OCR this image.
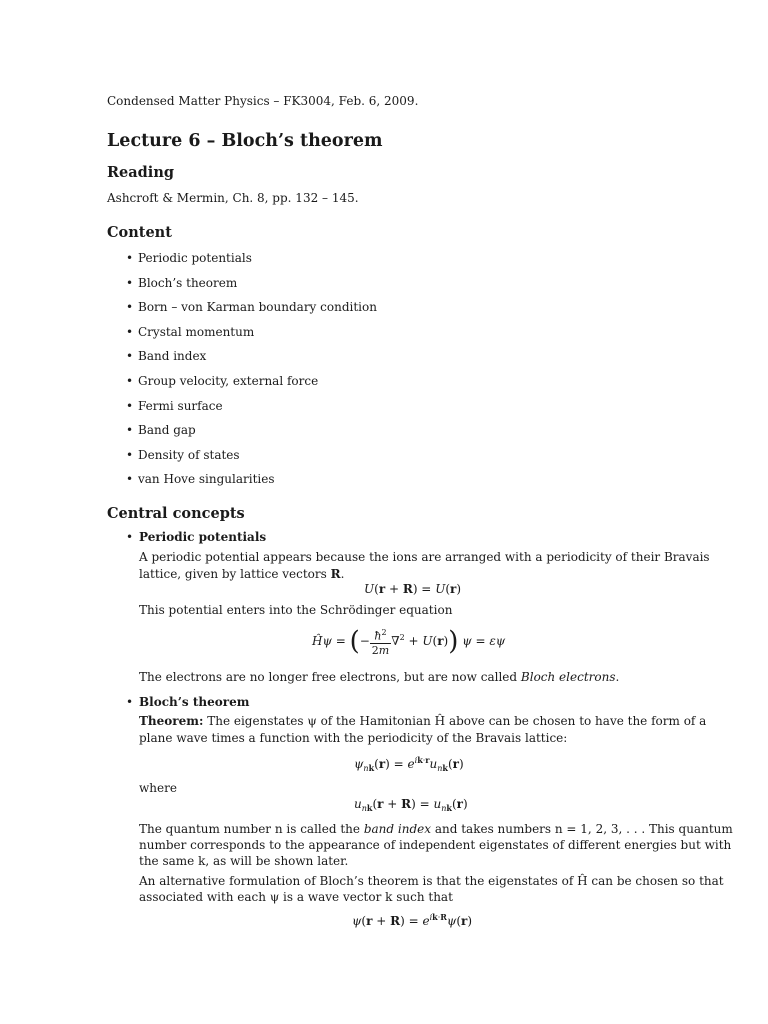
Condensed Matter Physics – FK3004, Feb. 6, 2009.
Lecture 6 – Bloch’s theorem
Reading
Ashcroft & Mermin, Ch. 8, pp. 132 – 145.
Content
• Periodic potentials
• Bloch’s theorem
• Born – von Karman boundary condition
• Crystal momentum
• Band index
• Group velocity, external force
• Fermi surface
• Band gap
• Density of states
• van Hove singularities
Central concepts
• Periodic potentials
A periodic potential appears because the ions are arranged with a periodicity of their Bravais
lattice, given by lattice vectors R.
U(r + R) = U(r)
This potential enters into the Schrödinger equation
Ĥψ = (− $\frac{ħ^2}{2m} \nabla^2 + U(r)$) ψ = εψ
The electrons are no longer free electrons, but are now called Bloch electrons.
• Bloch’s theorem
Theorem: The eigenstates ψ of the Hamitonian Ĥ above can be chosen to have the form of a
plane wave times a function with the periodicity of the Bravais lattice:
$\psi_{nk}(r) = e^{ik\cdot r}u_{nk}(r)$
where
$u_{nk}(r + R) = u_{nk}(r)$
The quantum number n is called the band index and takes numbers n = 1, 2, 3, . . . This quantum
number corresponds to the appearance of independent eigenstates of different energies but with
the same k, as will be shown later.
An alternative formulation of Bloch’s theorem is that the eigenstates of Ĥ can be chosen so that
associated with each ψ is a wave vector k such that
$\psi(r + R) = e^{ik\cdot R}\psi(r)$
